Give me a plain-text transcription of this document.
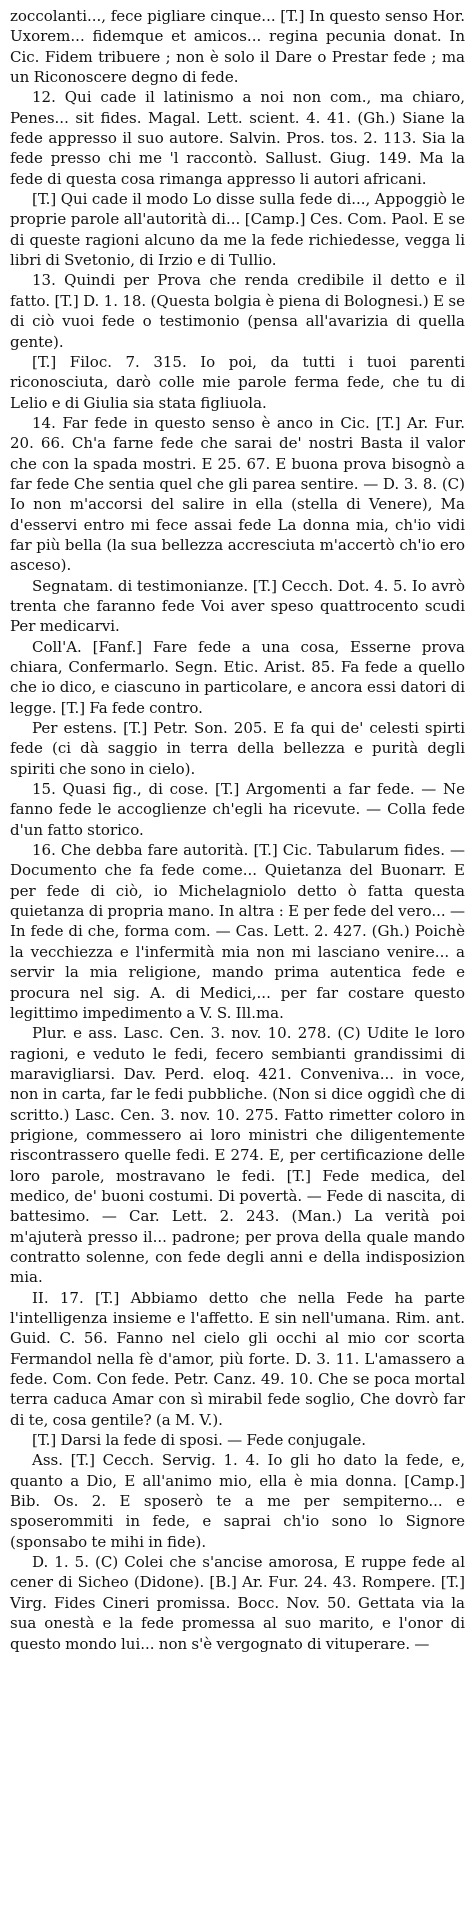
zoccolanti..., fece pigliare cinque... [T.] In questo senso Hor. Uxorem... fidemque et amicos... regina pecunia donat. In Cic. Fidem tribuere ; non è solo il Dare o Prestar fede ; ma un Riconoscere degno di fede.

12. Qui cade il latinismo a noi non com., ma chiaro, Penes... sit fides. Magal. Lett. scient. 4. 41. (Gh.) Siane la fede appresso il suo autore. Salvin. Pros. tos. 2. 113. Sia la fede presso chi me 'l raccontò. Sallust. Giug. 149. Ma la fede di questa cosa rimanga appresso li autori africani.

[T.] Qui cade il modo Lo disse sulla fede di..., Appoggiò le proprie parole all'autorità di... [Camp.] Ces. Com. Paol. E se di queste ragioni alcuno da me la fede richiedesse, vegga li libri di Svetonio, di Irzio e di Tullio.

13. Quindi per Prova che renda credibile il detto e il fatto. [T.] D. 1. 18. (Questa bolgia è piena di Bolognesi.) E se di ciò vuoi fede o testimonio (pensa all'avarizia di quella gente).

[T.] Filoc. 7. 315. Io poi, da tutti i tuoi parenti riconosciuta, darò colle mie parole ferma fede, che tu di Lelio e di Giulia sia stata figliuola.

14. Far fede in questo senso è anco in Cic. [T.] Ar. Fur. 20. 66. Ch'a farne fede che sarai de' nostri Basta il valor che con la spada mostri. E 25. 67. E buona prova bisognò a far fede Che sentia quel che gli parea sentire. — D. 3. 8. (C) Io non m'accorsi del salire in ella (stella di Venere), Ma d'esservi entro mi fece assai fede La donna mia, ch'io vidi far più bella (la sua bellezza accresciuta m'accertò ch'io ero asceso).

Segnatam. di testimonianze. [T.] Cecch. Dot. 4. 5. Io avrò trenta che faranno fede Voi aver speso quattrocento scudi Per medicarvi.

Coll'A. [Fanf.] Fare fede a una cosa, Esserne prova chiara, Confermarlo. Segn. Etic. Arist. 85. Fa fede a quello che io dico, e ciascuno in particolare, e ancora essi datori di legge. [T.] Fa fede contro.

Per estens. [T.] Petr. Son. 205. E fa qui de' celesti spirti fede (ci dà saggio in terra della bellezza e purità degli spiriti che sono in cielo).

15. Quasi fig., di cose. [T.] Argomenti a far fede. — Ne fanno fede le accoglienze ch'egli ha ricevute. — Colla fede d'un fatto storico.

16. Che debba fare autorità. [T.] Cic. Tabularum fides. — Documento che fa fede come... Quietanza del Buonarr. E per fede di ciò, io Michelagniolo detto ò fatta questa quietanza di propria mano. In altra : E per fede del vero... — In fede di che, forma com. — Cas. Lett. 2. 427. (Gh.) Poichè la vecchiezza e l'infermità mia non mi lasciano venire... a servir la mia religione, mando prima autentica fede e procura nel sig. A. di Medici,... per far costare questo legittimo impedimento a V. S. Ill.ma.

Plur. e ass. Lasc. Cen. 3. nov. 10. 278. (C) Udite le loro ragioni, e veduto le fedi, fecero sembianti grandissimi di maravigliarsi. Dav. Perd. eloq. 421. Conveniva... in voce, non in carta, far le fedi pubbliche. (Non si dice oggidì che di scritto.) Lasc. Cen. 3. nov. 10. 275. Fatto rimetter coloro in prigione, commessero ai loro ministri che diligentemente riscontrassero quelle fedi. E 274. E, per certificazione delle loro parole, mostravano le fedi. [T.] Fede medica, del medico, de' buoni costumi. Di povertà. — Fede di nascita, di battesimo. — Car. Lett. 2. 243. (Man.) La verità poi m'ajuterà presso il... padrone; per prova della quale mando contratto solenne, con fede degli anni e della indisposizion mia.

II. 17. [T.] Abbiamo detto che nella Fede ha parte l'intelligenza insieme e l'affetto. E sin nell'umana. Rim. ant. Guid. C. 56. Fanno nel cielo gli occhi al mio cor scorta Fermandol nella fè d'amor, più forte. D. 3. 11. L'amassero a fede. Com. Con fede. Petr. Canz. 49. 10. Che se poca mortal terra caduca Amar con sì mirabil fede soglio, Che dovrò far di te, cosa gentile? (a M. V.).

[T.] Darsi la fede di sposi. — Fede conjugale.

Ass. [T.] Cecch. Servig. 1. 4. Io gli ho dato la fede, e, quanto a Dio, E all'animo mio, ella è mia donna. [Camp.] Bib. Os. 2. E sposerò te a me per sempiterno... e sposerommiti in fede, e saprai ch'io sono lo Signore (sponsabo te mihi in fide).

D. 1. 5. (C) Colei che s'ancise amorosa, E ruppe fede al cener di Sicheo (Didone). [B.] Ar. Fur. 24. 43. Rompere. [T.] Virg. Fides Cineri promissa. Bocc. Nov. 50. Gettata via la sua onestà e la fede promessa al suo marito, e l'onor di questo mondo lui... non s'è vergognato di vituperare. —
